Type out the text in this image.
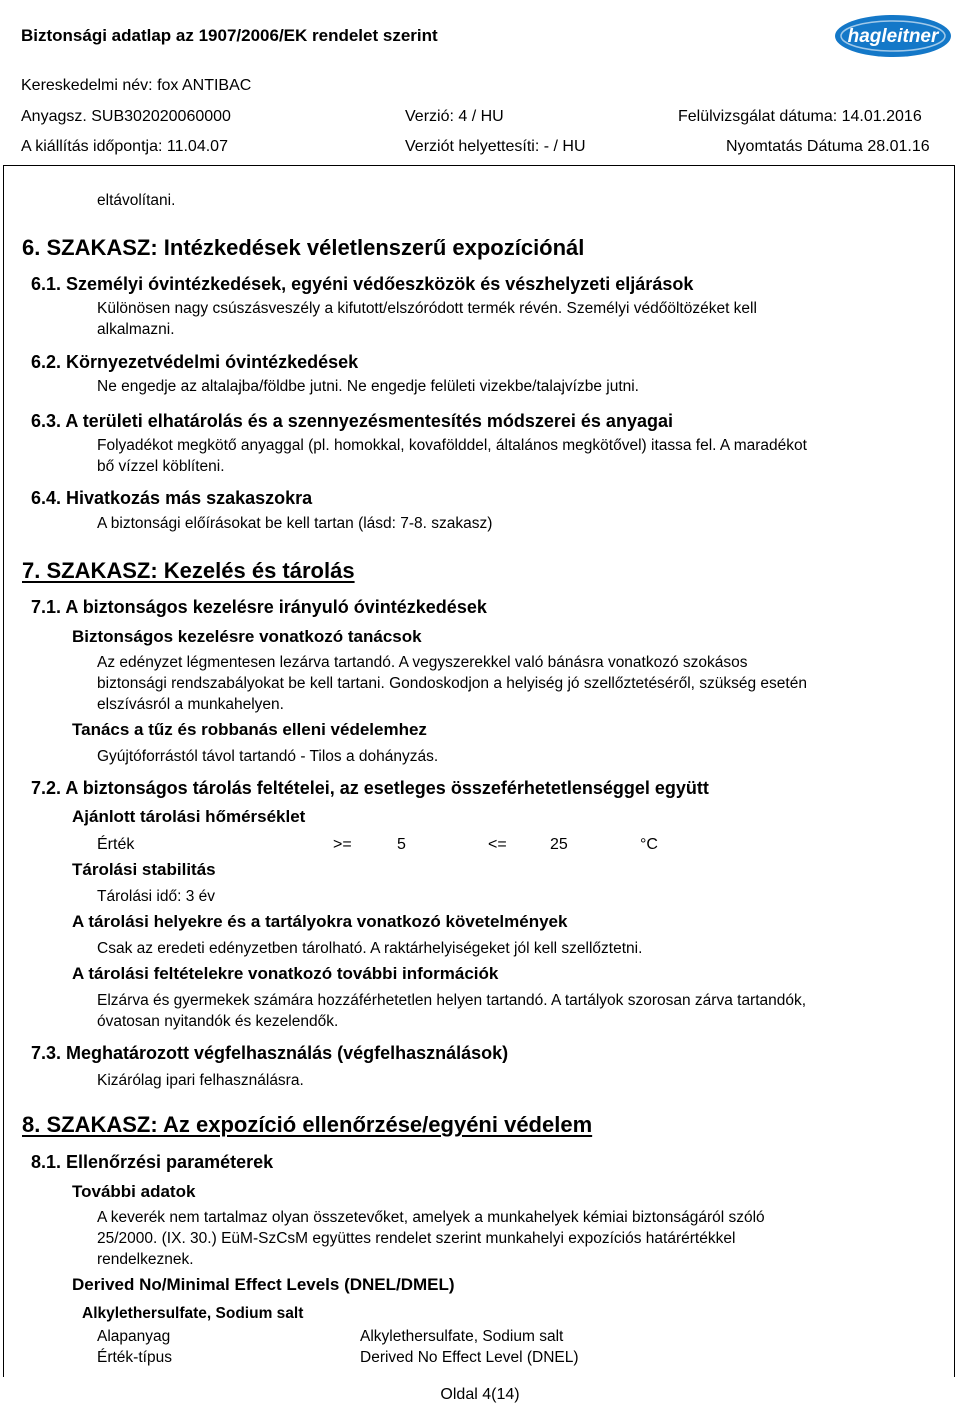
Biztonsági adatlap az 1907/2006/EK rendelet szerint	hagleitner
Kereskedelmi név: fox ANTIBAC
Anyagsz. SUB302020060000	Verzió: 4 / HU	Felülvizsgálat dátuma: 14.01.2016
A kiállítás időpontja: 11.04.07	Verziót helyettesíti: - / HU	Nyomtatás Dátuma 28.01.16
eltávolítani.
6. SZAKASZ: Intézkedések véletlenszerű expozíciónál
6.1. Személyi óvintézkedések, egyéni védőeszközök és vészhelyzeti eljárások
Különösen nagy csúszásveszély a kifutott/elszóródott termék révén. Személyi védőöltözéket kell
alkalmazni.
6.2. Környezetvédelmi óvintézkedések
Ne engedje az altalajba/földbe jutni. Ne engedje felületi vizekbe/talajvízbe jutni.
6.3. A területi elhatárolás és a szennyezésmentesítés módszerei és anyagai
Folyadékot megkötő anyaggal (pl. homokkal, kovafölddel, általános megkötővel) itassa fel. A maradékot
bő vízzel köblíteni.
6.4. Hivatkozás más szakaszokra
A biztonsági előírásokat be kell tartan (lásd: 7-8. szakasz)
7. SZAKASZ: Kezelés és tárolás
7.1. A biztonságos kezelésre irányuló óvintézkedések
Biztonságos kezelésre vonatkozó tanácsok
Az edényzet légmentesen lezárva tartandó. A vegyszerekkel való bánásra vonatkozó szokásos
biztonsági rendszabályokat be kell tartani. Gondoskodjon a helyiség jó szellőztetéséről, szükség esetén
elszívásról a munkahelyen.
Tanács a tűz és robbanás elleni védelemhez
Gyújtóforrástól távol tartandó - Tilos a dohányzás.
7.2. A biztonságos tárolás feltételei, az esetleges összeférhetetlenséggel együtt
Ajánlott tárolási hőmérséklet
Érték	>=	5	<=	25	°C
Tárolási stabilitás
Tárolási idő: 3 év
A tárolási helyekre és a tartályokra vonatkozó követelmények
Csak az eredeti edényzetben tárolható. A raktárhelyiségeket jól kell szellőztetni.
A tárolási feltételekre vonatkozó további információk
Elzárva és gyermekek számára hozzáférhetetlen helyen tartandó. A tartályok szorosan zárva tartandók,
óvatosan nyitandók és kezelendők.
7.3. Meghatározott végfelhasználás (végfelhasználások)
Kizárólag ipari felhasználásra.
8. SZAKASZ: Az expozíció ellenőrzése/egyéni védelem
8.1. Ellenőrzési paraméterek
További adatok
A keverék nem tartalmaz olyan összetevőket, amelyek a munkahelyek kémiai biztonságáról szóló
25/2000. (IX. 30.) EüM-SzCsM együttes rendelet szerint munkahelyi expozíciós határértékkel
rendelkeznek.
Derived No/Minimal Effect Levels (DNEL/DMEL)
Alkylethersulfate, Sodium salt
Alapanyag	Alkylethersulfate, Sodium salt
Érték-típus	Derived No Effect Level (DNEL)
Oldal 4(14)
